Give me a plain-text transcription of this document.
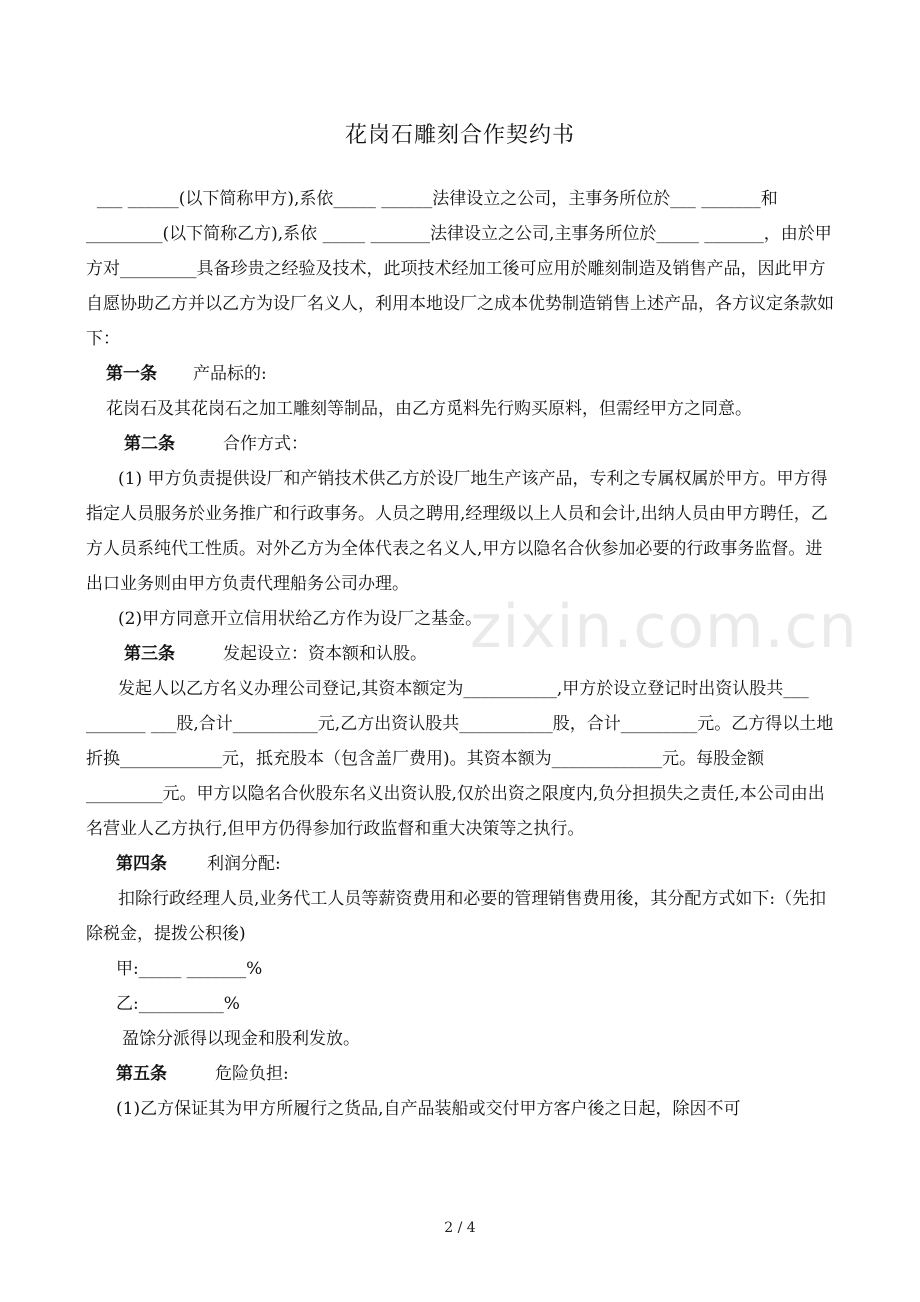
花岗石雕刻合作契约书

___ ______(以下简称甲方),系依_____ ______法律设立之公司，主事务所位於___ _______和_________(以下简称乙方),系依 _____ _______法律设立之公司,主事务所位於_____ _______，由於甲方对_________具备珍贵之经验及技术，此项技术经加工後可应用於雕刻制造及销售产品，因此甲方自愿协助乙方并以乙方为设厂名义人，利用本地设厂之成本优势制造销售上述产品，各方议定条款如下：

第一条 产品标的:

花岗石及其花岗石之加工雕刻等制品，由乙方觅料先行购买原料，但需经甲方之同意。

第二条	合作方式：

(1) 甲方负责提供设厂和产销技术供乙方於设厂地生产该产品，专利之专属权属於甲方。甲方得指定人员服务於业务推广和行政事务。人员之聘用,经理级以上人员和会计,出纳人员由甲方聘任，乙方人员系纯代工性质。对外乙方为全体代表之名义人,甲方以隐名合伙参加必要的行政事务监督。进出口业务则由甲方负责代理船务公司办理。

(2)甲方同意开立信用状给乙方作为设厂之基金。

第三条	发起设立：资本额和认股。

发起人以乙方名义办理公司登记,其资本额定为___________,甲方於设立登记时出资认股共___ _______ ___股,合计__________元,乙方出资认股共___________股，合计_________元。乙方得以土地折换____________元，抵充股本（包含盖厂费用)。其资本额为_____________元。每股金额_________元。甲方以隐名合伙股东名义出资认股,仅於出资之限度内,负分担损失之责任,本公司由出名营业人乙方执行,但甲方仍得参加行政监督和重大决策等之执行。

第四条 利润分配:

扣除行政经理人员,业务代工人员等薪资费用和必要的管理销售费用後，其分配方式如下:（先扣除税金，提拨公积後)

甲:_____ _______%

乙:__________%

盈馀分派得以现金和股利发放。

第五条	危险负担:

(1)乙方保证其为甲方所履行之货品,自产品装船或交付甲方客户後之日起，除因不可

zixin.com.cn
2 / 4
